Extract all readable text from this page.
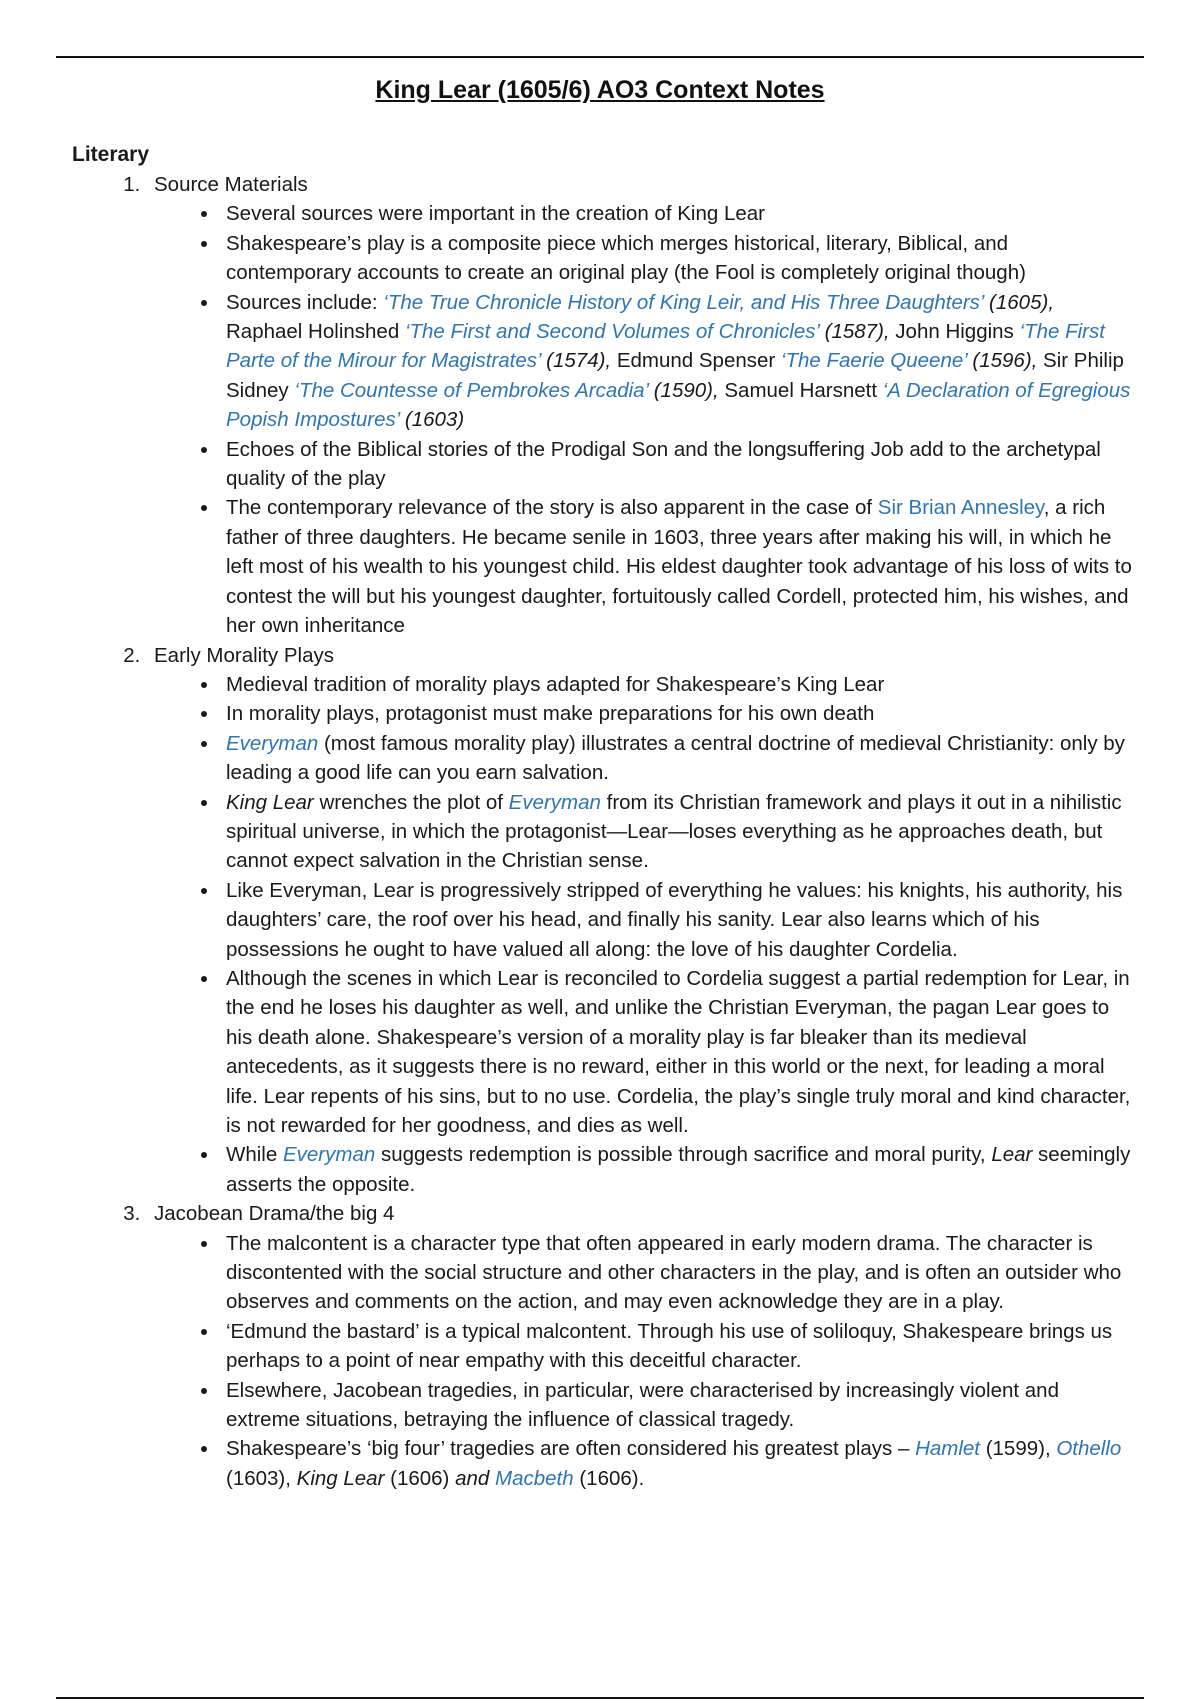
King Lear (1605/6) AO3 Context Notes
Literary
1. Source Materials
• Several sources were important in the creation of King Lear
• Shakespeare’s play is a composite piece which merges historical, literary, Biblical, and contemporary accounts to create an original play (the Fool is completely original though)
• Sources include: ‘The True Chronicle History of King Leir, and His Three Daughters’ (1605), Raphael Holinshed ‘The First and Second Volumes of Chronicles’ (1587), John Higgins ‘The First Parte of the Mirour for Magistrates’ (1574), Edmund Spenser ‘The Faerie Queene’ (1596), Sir Philip Sidney ‘The Countesse of Pembrokes Arcadia’ (1590), Samuel Harsnett ‘A Declaration of Egregious Popish Impostures’ (1603)
• Echoes of the Biblical stories of the Prodigal Son and the longsuffering Job add to the archetypal quality of the play
• The contemporary relevance of the story is also apparent in the case of Sir Brian Annesley, a rich father of three daughters. He became senile in 1603, three years after making his will, in which he left most of his wealth to his youngest child. His eldest daughter took advantage of his loss of wits to contest the will but his youngest daughter, fortuitously called Cordell, protected him, his wishes, and her own inheritance
2. Early Morality Plays
• Medieval tradition of morality plays adapted for Shakespeare’s King Lear
• In morality plays, protagonist must make preparations for his own death
• Everyman (most famous morality play) illustrates a central doctrine of medieval Christianity: only by leading a good life can you earn salvation.
• King Lear wrenches the plot of Everyman from its Christian framework and plays it out in a nihilistic spiritual universe, in which the protagonist—Lear—loses everything as he approaches death, but cannot expect salvation in the Christian sense.
• Like Everyman, Lear is progressively stripped of everything he values: his knights, his authority, his daughters’ care, the roof over his head, and finally his sanity. Lear also learns which of his possessions he ought to have valued all along: the love of his daughter Cordelia.
• Although the scenes in which Lear is reconciled to Cordelia suggest a partial redemption for Lear, in the end he loses his daughter as well, and unlike the Christian Everyman, the pagan Lear goes to his death alone. Shakespeare’s version of a morality play is far bleaker than its medieval antecedents, as it suggests there is no reward, either in this world or the next, for leading a moral life. Lear repents of his sins, but to no use. Cordelia, the play’s single truly moral and kind character, is not rewarded for her goodness, and dies as well.
• While Everyman suggests redemption is possible through sacrifice and moral purity, Lear seemingly asserts the opposite.
3. Jacobean Drama/the big 4
• The malcontent is a character type that often appeared in early modern drama. The character is discontented with the social structure and other characters in the play, and is often an outsider who observes and comments on the action, and may even acknowledge they are in a play.
• ‘Edmund the bastard’ is a typical malcontent. Through his use of soliloquy, Shakespeare brings us perhaps to a point of near empathy with this deceitful character.
• Elsewhere, Jacobean tragedies, in particular, were characterised by increasingly violent and extreme situations, betraying the influence of classical tragedy.
• Shakespeare’s ‘big four’ tragedies are often considered his greatest plays – Hamlet (1599), Othello (1603), King Lear (1606) and Macbeth (1606).
